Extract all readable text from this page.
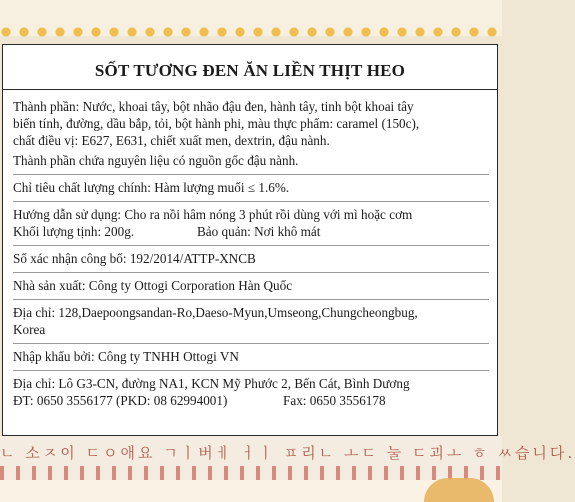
SỐT TƯƠNG ĐEN ĂN LIỀN THỊT HEO

Thành phần: Nước, khoai tây, bột nhão đậu đen, hành tây, tinh bột khoai tây

biến tính, đường, dầu bắp, tỏi, bột hành phi, màu thực phẩm: caramel (150c),

chất điều vị: E627, E631, chiết xuất men, dextrin, đậu nành.

Thành phần chứa nguyên liệu có nguồn gốc đậu nành.

Chỉ tiêu chất lượng chính: Hàm lượng muối ≤ 1.6%.

Hướng dẫn sử dụng: Cho ra nồi hâm nóng 3 phút rồi dùng với mì hoặc cơm

Khối lượng tịnh: 200g.	Bảo quản: Nơi khô mát

Số xác nhận công bố: 192/2014/ATTP-XNCB

Nhà sản xuất: Công ty Ottogi Corporation Hàn Quốc

Địa chỉ: 128,Daepoongsandan-Ro,Daeso-Myun,Umseong,Chungcheongbug,

Korea

Nhập khẩu bởi: Công ty TNHH Ottogi VN

Địa chỉ: Lô G3-CN, đường NA1, KCN Mỹ Phước 2, Bến Cát, Bình Dương

ĐT: 0650 3556177 (PKD: 08 62994001)	Fax: 0650 3556178
ㄴ 소ㅈ이 ㄷㅇ애요 ㄱㅣ버ㅔ ㅓㅣ ㅍ리ㄴ ㅗㄷ 눌 ㄷ괴ㅗ ㅎ ㅆ습니다.
